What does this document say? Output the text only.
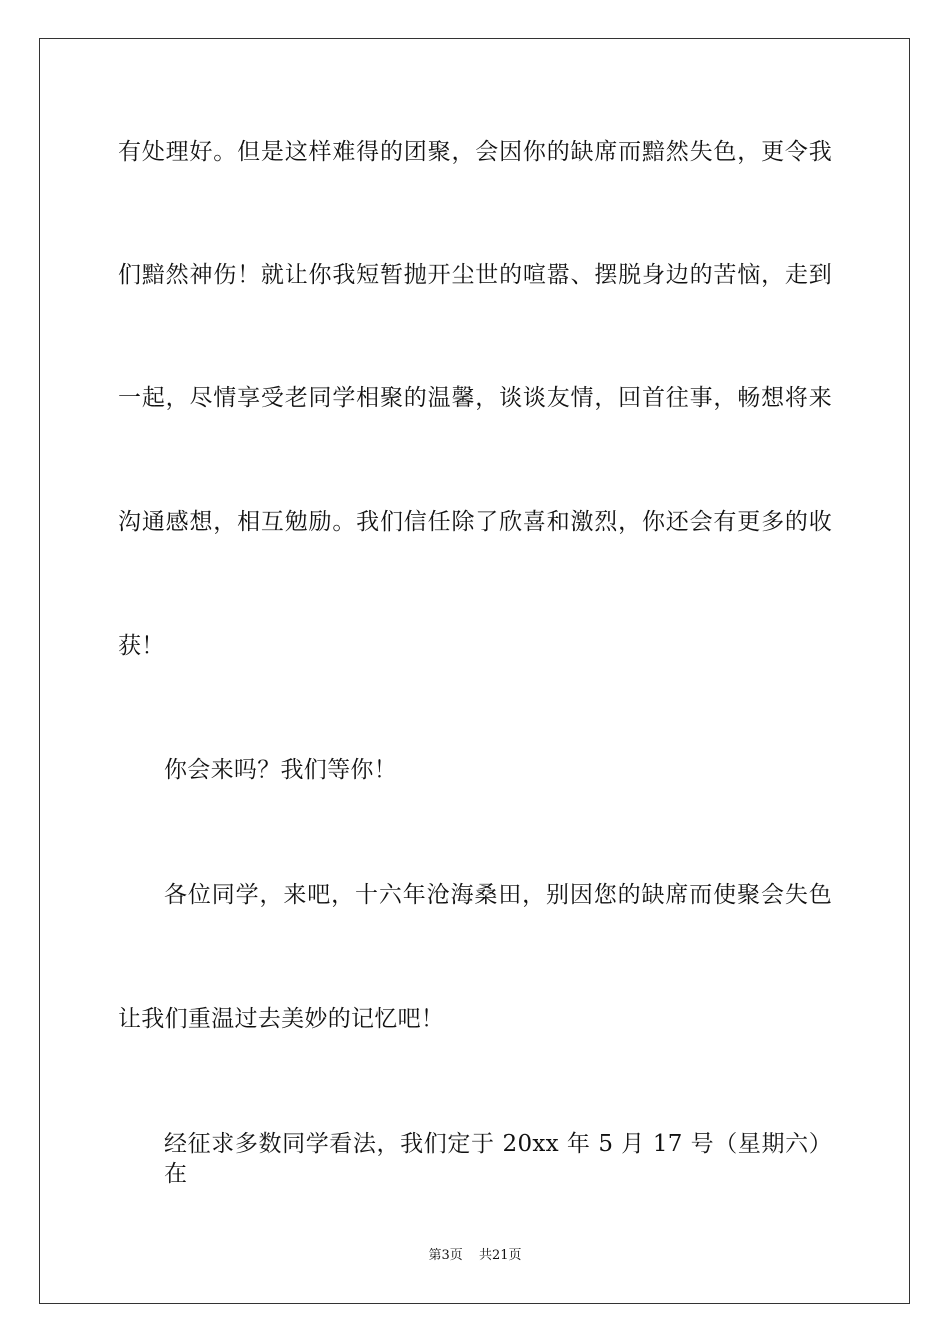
有处理好。但是这样难得的团聚，会因你的缺席而黯然失色，更令我
们黯然神伤！就让你我短暂抛开尘世的喧嚣、摆脱身边的苦恼，走到
一起，尽情享受老同学相聚的温馨，谈谈友情，回首往事，畅想将来
沟通感想，相互勉励。我们信任除了欣喜和激烈，你还会有更多的收
获！
你会来吗？我们等你！
各位同学，来吧，十六年沧海桑田，别因您的缺席而使聚会失色
让我们重温过去美妙的记忆吧！
经征求多数同学看法，我们定于 20xx 年 5 月 17 号（星期六）在
第3页 共21页
